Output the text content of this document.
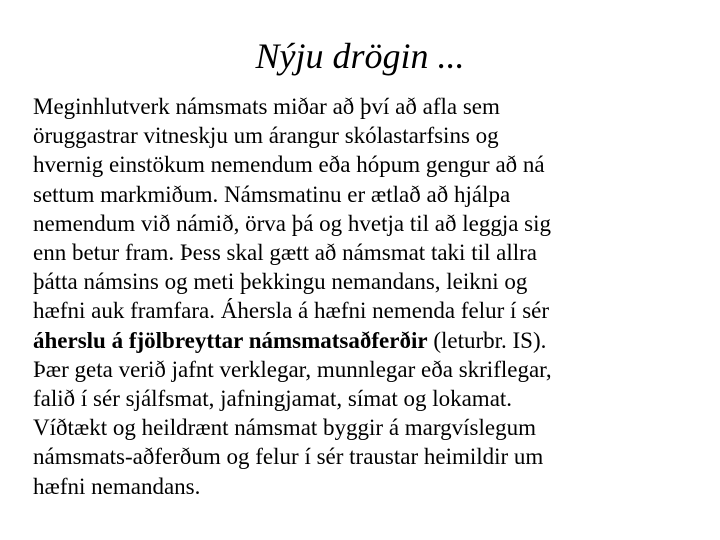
Nýju drögin ...
Meginhlutverk námsmats miðar að því að afla sem
öruggastrar vitneskju um árangur skólastarfsins og
hvernig einstökum nemendum eða hópum gengur að ná
settum markmiðum. Námsmatinu er ætlað að hjálpa
nemendum við námið, örva þá og hvetja til að leggja sig
enn betur fram. Þess skal gætt að námsmat taki til allra
þátta námsins og meti þekkingu nemandans, leikni og
hæfni auk framfara. Áhersla á hæfni nemenda felur í sér
áherslu á fjölbreyttar námsmatsaðferðir (leturbr. IS).
Þær geta verið jafnt verklegar, munnlegar eða skriflegar,
falið í sér sjálfsmat, jafningjamat, símat og lokamat.
Víðtækt og heildrænt námsmat byggir á margvíslegum
námsmats-aðferðum og felur í sér traustar heimildir um
hæfni nemandans.
